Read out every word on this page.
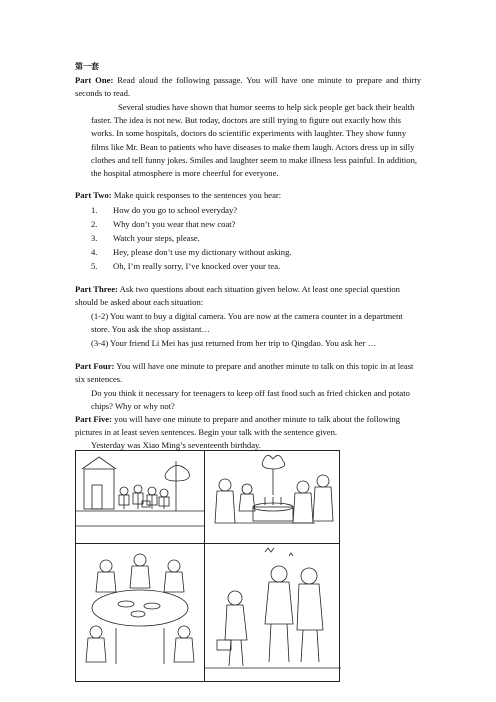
第一套
Part One: Read aloud the following passage. You will have one minute to prepare and thirty seconds to read.
Several studies have shown that humor seems to help sick people get back their health
faster. The idea is not new. But today, doctors are still trying to figure out exactly how this
works. In some hospitals, doctors do scientific experiments with laughter. They show funny
films like Mr. Bean to patients who have diseases to make them laugh. Actors dress up in silly
clothes and tell funny jokes. Smiles and laughter seem to make illness less painful. In addition,
the hospital atmosphere is more cheerful for everyone.
Part Two: Make quick responses to the sentences you hear:
1. How do you go to school everyday?
2. Why don’t you wear that new coat?
3. Watch your steps, please.
4. Hey, please don’t use my dictionary without asking.
5. Oh, I’m really sorry, I’ve knocked over your tea.
Part Three: Ask two questions about each situation given below. At least one special question
should be asked about each situation:
(1-2) You want to buy a digital camera. You are now at the camera counter in a department
store. You ask the shop assistant…
(3-4) Your friend Li Mei has just returned from her trip to Qingdao. You ask her …
Part Four: You will have one minute to prepare and another minute to talk on this topic in at least
six sentences.
Do you think it necessary for teenagers to keep off fast food such as fried chicken and potato
chips? Why or why not?
Part Five: you will have one minute to prepare and another minute to talk about the following
pictures in at least seven sentences. Begin your talk with the sentence given.
Yesterday was Xiao Ming’s seventeenth birthday.
